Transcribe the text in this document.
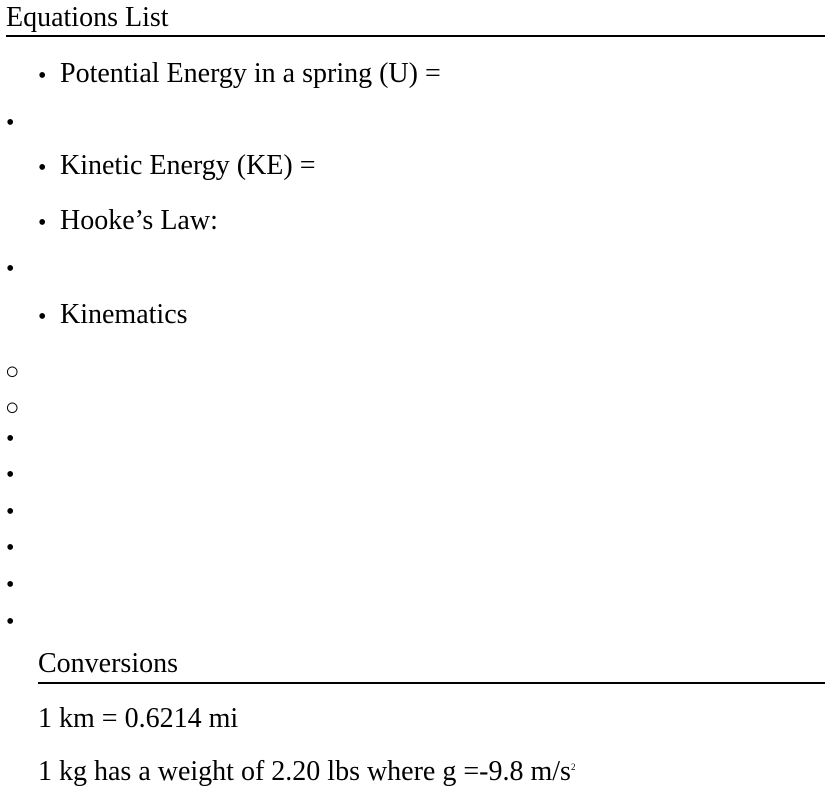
Equations List
• Potential Energy in a spring (U) =
•
• Kinetic Energy (KE) =
• Hooke’s Law:
•
• Kinematics
○
○
•
•
•
•
•
•
Conversions
1 km = 0.6214 mi
1 kg has a weight of 2.20 lbs where g =-9.8 $m/s^2$
